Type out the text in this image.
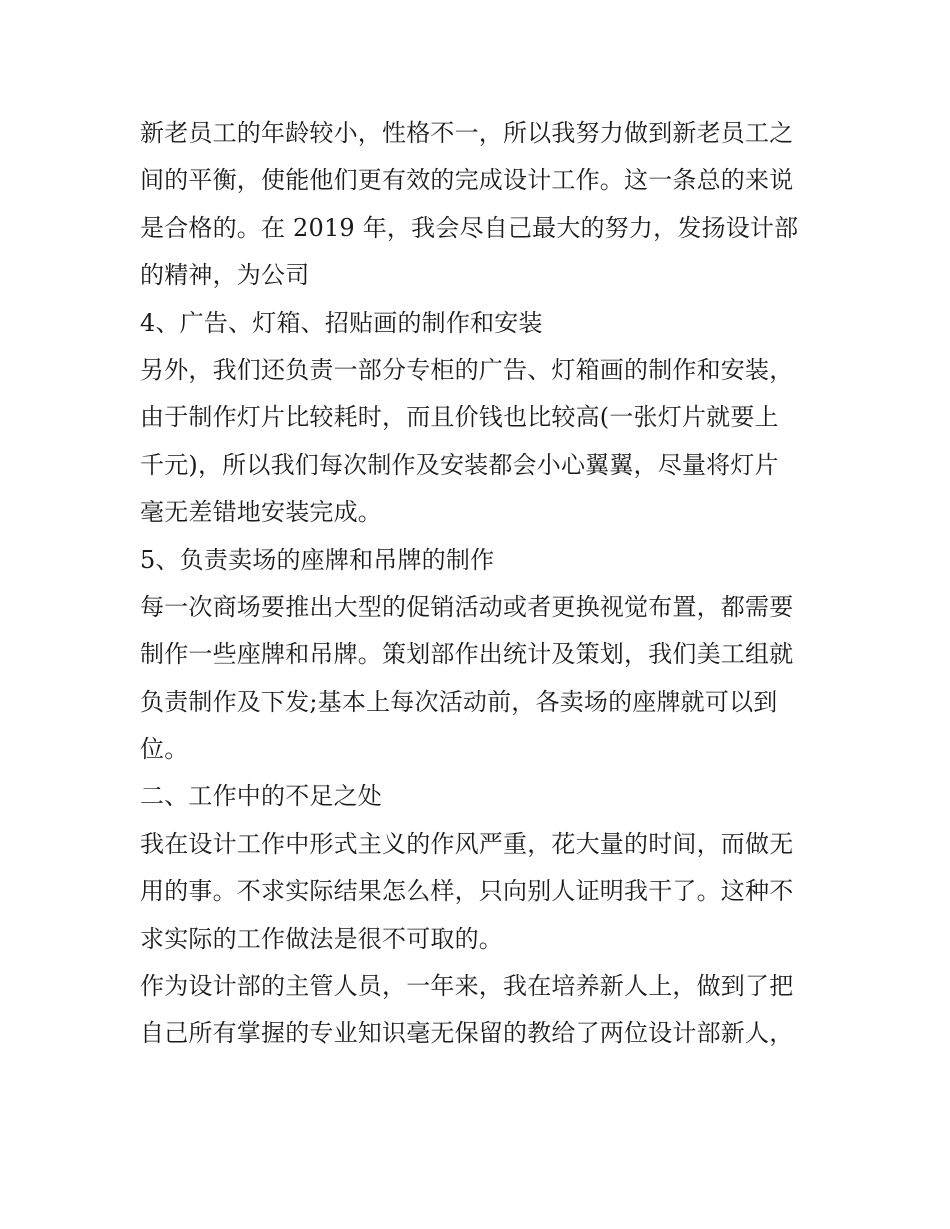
新老员工的年龄较小，性格不一，所以我努力做到新老员工之
间的平衡，使能他们更有效的完成设计工作。这一条总的来说
是合格的。在 2019 年，我会尽自己最大的努力，发扬设计部
的精神，为公司
4、广告、灯箱、招贴画的制作和安装
另外，我们还负责一部分专柜的广告、灯箱画的制作和安装，
由于制作灯片比较耗时，而且价钱也比较高(一张灯片就要上
千元)，所以我们每次制作及安装都会小心翼翼，尽量将灯片
毫无差错地安装完成。
5、负责卖场的座牌和吊牌的制作
每一次商场要推出大型的促销活动或者更换视觉布置，都需要
制作一些座牌和吊牌。策划部作出统计及策划，我们美工组就
负责制作及下发;基本上每次活动前，各卖场的座牌就可以到
位。
二、工作中的不足之处
我在设计工作中形式主义的作风严重，花大量的时间，而做无
用的事。不求实际结果怎么样，只向别人证明我干了。这种不
求实际的工作做法是很不可取的。
作为设计部的主管人员，一年来，我在培养新人上，做到了把
自己所有掌握的专业知识毫无保留的教给了两位设计部新人，
